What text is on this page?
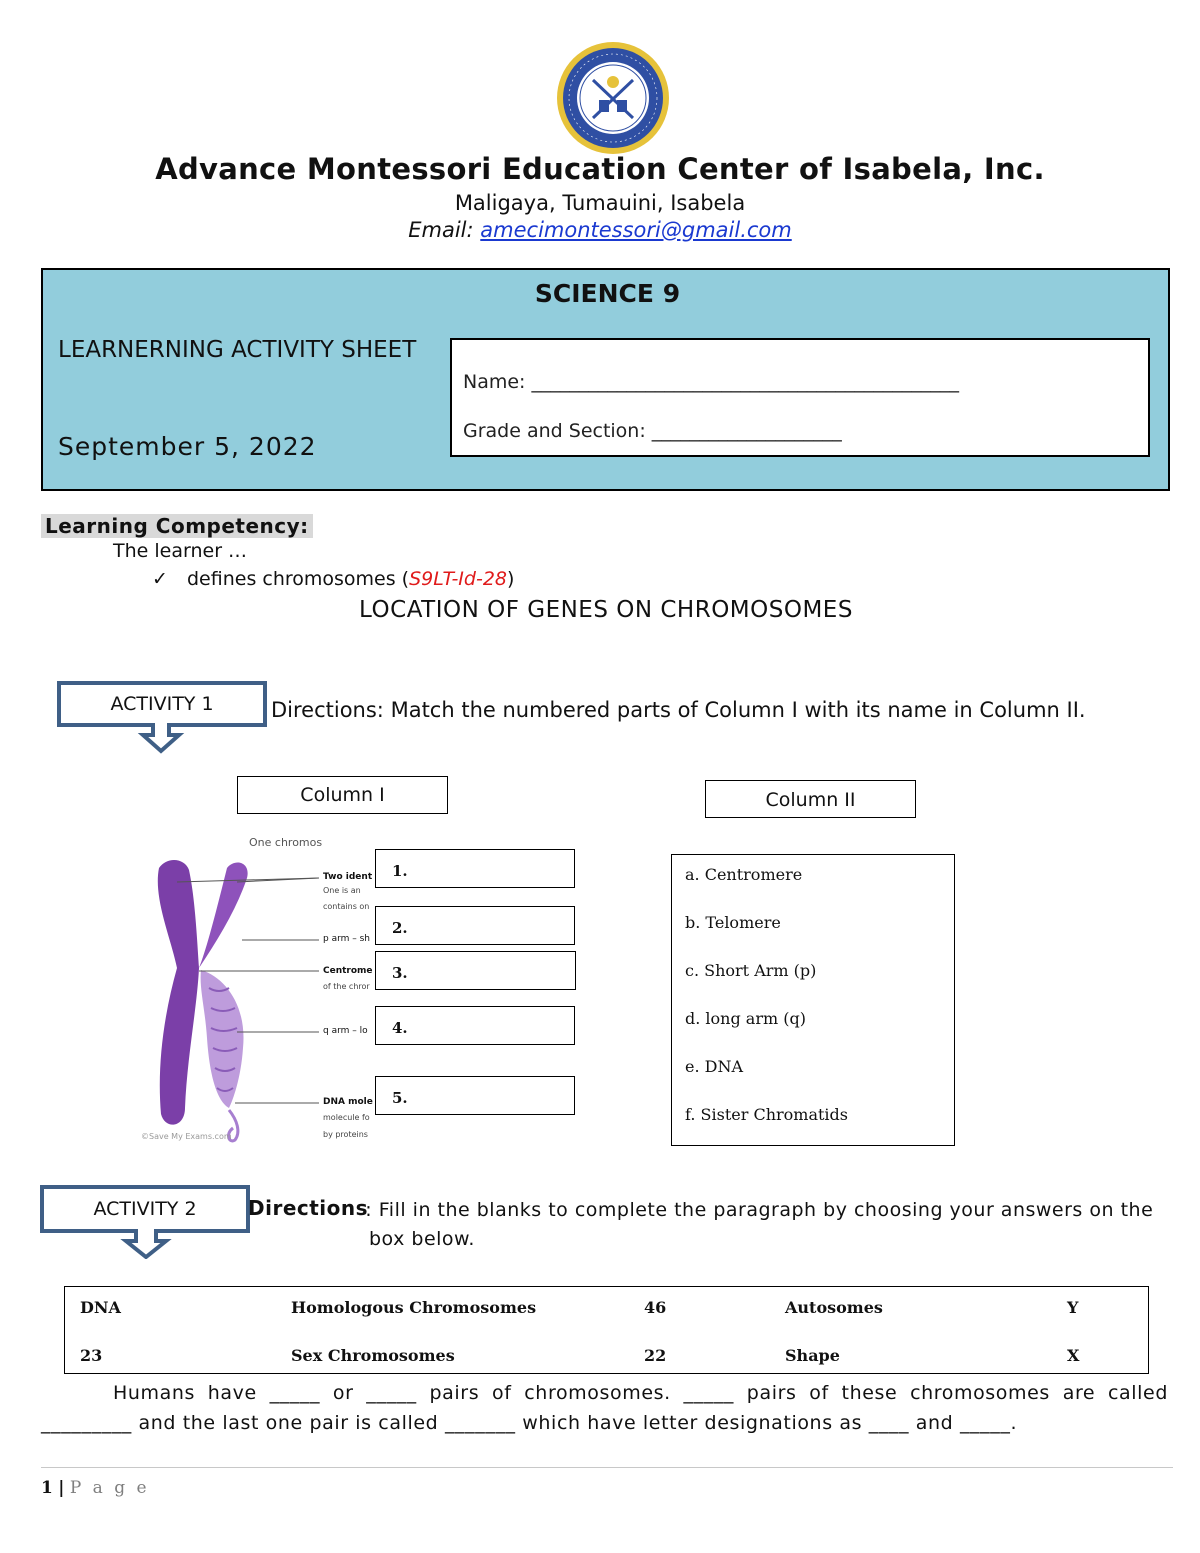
Advance Montessori Education Center of Isabela, Inc.
Maligaya, Tumauini, Isabela
Email: amecimontessori@gmail.com
SCIENCE 9
LEARNERNING ACTIVITY SHEET
September 5, 2022
Name: _____________________________________________
Grade and Section: ____________________
Learning Competency:
The learner …
✓ defines chromosomes (S9LT-Id-28)
LOCATION OF GENES ON CHROMOSOMES
ACTIVITY 1	Directions: Match the numbered parts of Column I with its name in Column II.
Column I	Column II
One chromos
Two ident
One is an
contains on
p arm – sh
Centrome
of the chror
q arm – lo
DNA mole
molecule fo
by proteins
©Save My Exams.com
1.
2.
3.
4.
5.
a. Centromere
b. Telomere
c. Short Arm (p)
d. long arm (q)
e. DNA
f. Sister Chromatids
ACTIVITY 2	Directions
: Fill in the blanks to complete the paragraph by choosing your answers on the box below.
DNA	Homologous Chromosomes	46	Autosomes	Y
23	Sex Chromosomes	22	Shape	X
Humans have _____ or _____ pairs of chromosomes. _____ pairs of these chromosomes are called _________ and the last one pair is called _______ which have letter designations as ____ and _____.
1 | P a g e
